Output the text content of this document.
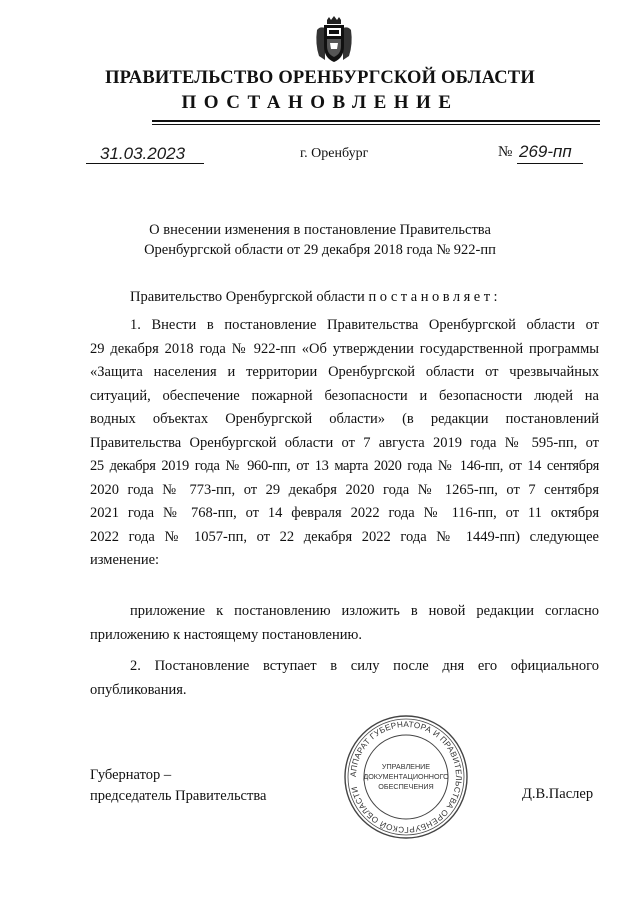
ПРАВИТЕЛЬСТВО ОРЕНБУРГСКОЙ ОБЛАСТИ
ПОСТАНОВЛЕНИЕ
31.03.2023	г. Оренбург	№ 269-пп
О внесении изменения в постановление Правительства
Оренбургской области от 29 декабря 2018 года № 922-пп
Правительство Оренбургской области постановляет:
1. Внести в постановление Правительства Оренбургской области от
29 декабря 2018 года № 922-пп «Об утверждении государственной программы
«Защита населения и территории Оренбургской области от чрезвычайных
ситуаций, обеспечение пожарной безопасности и безопасности людей на
водных объектах Оренбургской области» (в редакции постановлений
Правительства Оренбургской области от 7 августа 2019 года № 595-пп, от
25 декабря 2019 года № 960-пп, от 13 марта 2020 года № 146-пп, от 14 сентября
2020 года № 773-пп, от 29 декабря 2020 года № 1265-пп, от 7 сентября
2021 года № 768-пп, от 14 февраля 2022 года № 116-пп, от 11 октября
2022 года № 1057-пп, от 22 декабря 2022 года № 1449-пп) следующее
изменение:
приложение к постановлению изложить в новой редакции согласно
приложению к настоящему постановлению.
2. Постановление вступает в силу после дня его официального
опубликования.
АППАРАТ ГУБЕРНАТОРА И ПРАВИТЕЛЬСТВА ОРЕНБУРГСКОЙ ОБЛАСТИ
УПРАВЛЕНИЕ
ДОКУМЕНТАЦИОННОГО
ОБЕСПЕЧЕНИЯ
Губернатор –
председатель Правительства	Д.В.Паслер
